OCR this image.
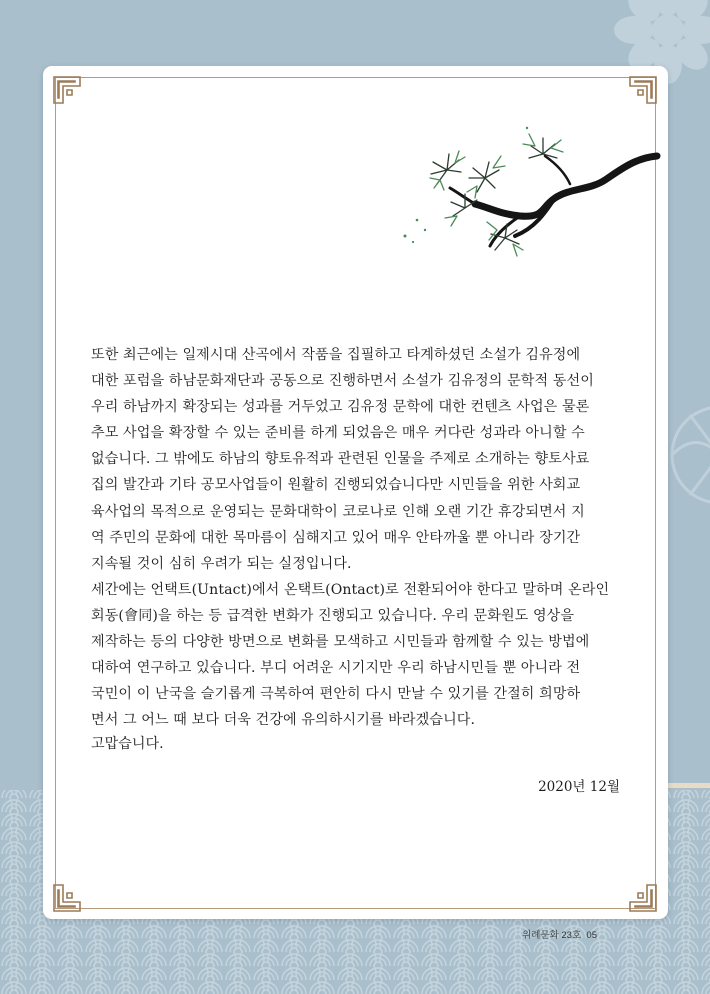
또한 최근에는 일제시대 산곡에서 작품을 집필하고 타계하셨던 소설가 김유정에
대한 포럼을 하남문화재단과 공동으로 진행하면서 소설가 김유정의 문학적 동선이
우리 하남까지 확장되는 성과를 거두었고 김유정 문학에 대한 컨텐츠 사업은 물론
추모 사업을 확장할 수 있는 준비를 하게 되었음은 매우 커다란 성과라 아니할 수
없습니다. 그 밖에도 하남의 향토유적과 관련된 인물을 주제로 소개하는 향토사료
집의 발간과 기타 공모사업들이 원활히 진행되었습니다만 시민들을 위한 사회교
육사업의 목적으로 운영되는 문화대학이 코로나로 인해 오랜 기간 휴강되면서 지
역 주민의 문화에 대한 목마름이 심해지고 있어 매우 안타까울 뿐 아니라 장기간
지속될 것이 심히 우려가 되는 실정입니다.

세간에는 언택트(Untact)에서 온택트(Ontact)로 전환되어야 한다고 말하며 온라인
회동(會同)을 하는 등 급격한 변화가 진행되고 있습니다. 우리 문화원도 영상을
제작하는 등의 다양한 방면으로 변화를 모색하고 시민들과 함께할 수 있는 방법에
대하여 연구하고 있습니다. 부디 어려운 시기지만 우리 하남시민들 뿐 아니라 전
국민이 이 난국을 슬기롭게 극복하여 편안히 다시 만날 수 있기를 간절히 희망하
면서 그 어느 때 보다 더욱 건강에 유의하시기를 바라겠습니다.

고맙습니다.

2020년 12월

위례문화 23호 05
